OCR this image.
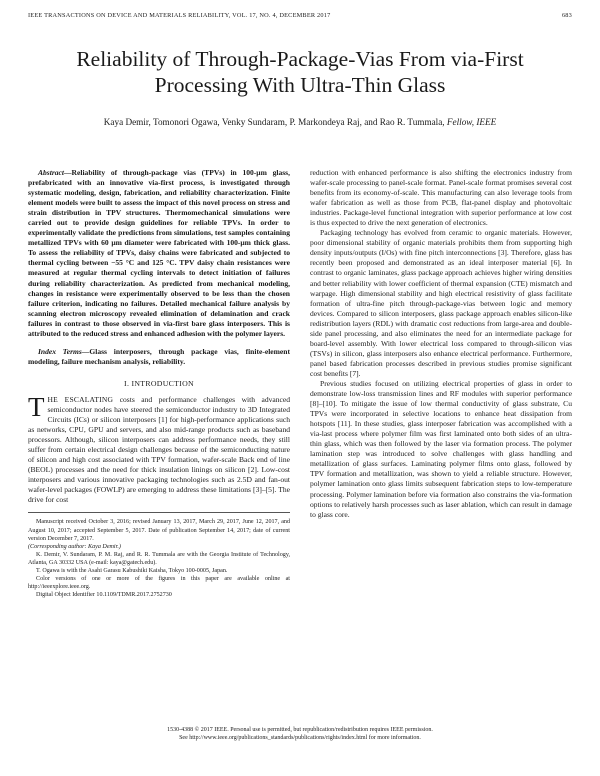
IEEE TRANSACTIONS ON DEVICE AND MATERIALS RELIABILITY, VOL. 17, NO. 4, DECEMBER 2017	683
Reliability of Through-Package-Vias From via-First Processing With Ultra-Thin Glass
Kaya Demir, Tomonori Ogawa, Venky Sundaram, P. Markondeya Raj, and Rao R. Tummala, Fellow, IEEE

Abstract—Reliability of through-package vias (TPVs) in 100-μm glass, prefabricated with an innovative via-first process, is investigated through systematic modeling, design, fabrication, and reliability characterization. Finite element models were built to assess the impact of this novel process on stress and strain distribution in TPV structures. Thermomechanical simulations were carried out to provide design guidelines for reliable TPVs. In order to experimentally validate the predictions from simulations, test samples containing metallized TPVs with 60 μm diameter were fabricated with 100-μm thick glass. To assess the reliability of TPVs, daisy chains were fabricated and subjected to thermal cycling between −55 °C and 125 °C. TPV daisy chain resistances were measured at regular thermal cycling intervals to detect initiation of failures during reliability characterization. As predicted from mechanical modeling, changes in resistance were experimentally observed to be less than the chosen failure criterion, indicating no failures. Detailed mechanical failure analysis by scanning electron microscopy revealed elimination of delamination and crack failures in contrast to those observed in via-first bare glass interposers. This is attributed to the reduced stress and enhanced adhesion with the polymer layers.

Index Terms—Glass interposers, through package vias, finite-element modeling, failure mechanism analysis, reliability.

I. INTRODUCTION

THE ESCALATING costs and performance challenges with advanced semiconductor nodes have steered the semiconductor industry to 3D Integrated Circuits (ICs) or silicon interposers [1] for high-performance applications such as networks, CPU, GPU and servers, and also mid-range products such as baseband processors. Although, silicon interposers can address performance needs, they still suffer from certain electrical design challenges because of the semiconducting nature of silicon and high cost associated with TPV formation, wafer-scale Back end of line (BEOL) processes and the need for thick insulation linings on silicon [2]. Low-cost interposers and various innovative packaging technologies such as 2.5D and fan-out wafer-level packages (FOWLP) are emerging to address these limitations [3]–[5]. The drive for cost

Manuscript received October 3, 2016; revised January 13, 2017, March 29, 2017, June 12, 2017, and August 10, 2017; accepted September 5, 2017. Date of publication September 14, 2017; date of current version December 7, 2017.
(Corresponding author: Kaya Demir.)

K. Demir, V. Sundaram, P. M. Raj, and R. R. Tummala are with the Georgia Institute of Technology, Atlanta, GA 30332 USA (e-mail: kaya@gatech.edu).

T. Ogawa is with the Asahi Garasu Kabushiki Kaisha, Tokyo 100-0005, Japan.

Color versions of one or more of the figures in this paper are available online at http://ieeexplore.ieee.org.

Digital Object Identifier 10.1109/TDMR.2017.2752730

reduction with enhanced performance is also shifting the electronics industry from wafer-scale processing to panel-scale format. Panel-scale format promises several cost benefits from its economy-of-scale. This manufacturing can also leverage tools from wafer fabrication as well as those from PCB, flat-panel display and photovoltaic industries. Package-level functional integration with superior performance at low cost is thus expected to drive the next generation of electronics.

Packaging technology has evolved from ceramic to organic materials. However, poor dimensional stability of organic materials prohibits them from supporting high density inputs/outputs (I/Os) with fine pitch interconnections [3]. Therefore, glass has recently been proposed and demonstrated as an ideal interposer material [6]. In contrast to organic laminates, glass package approach achieves higher wiring densities and better reliability with lower coefficient of thermal expansion (CTE) mismatch and warpage. High dimensional stability and high electrical resistivity of glass facilitate formation of ultra-fine pitch through-package-vias between logic and memory devices. Compared to silicon interposers, glass package approach enables silicon-like redistribution layers (RDL) with dramatic cost reductions from large-area and double-side panel processing, and also eliminates the need for an intermediate package for board-level assembly. With lower electrical loss compared to through-silicon vias (TSVs) in silicon, glass interposers also enhance electrical performance. Furthermore, panel based fabrication processes described in previous studies promise significant cost benefits [7].

Previous studies focused on utilizing electrical properties of glass in order to demonstrate low-loss transmission lines and RF modules with superior performance [8]–[10]. To mitigate the issue of low thermal conductivity of glass substrate, Cu TPVs were incorporated in selective locations to enhance heat dissipation from hotspots [11]. In these studies, glass interposer fabrication was accomplished with a via-last process where polymer film was first laminated onto both sides of an ultra-thin glass, which was then followed by the laser via formation process. The polymer lamination step was introduced to solve challenges with glass handling and metallization of glass surfaces. Laminating polymer films onto glass, followed by TPV formation and metallization, was shown to yield a reliable structure. However, polymer lamination onto glass limits subsequent fabrication steps to low-temperature processing. Polymer lamination before via formation also constrains the via-formation options to relatively harsh processes such as laser ablation, which can result in damage to glass core.

1530-4388 © 2017 IEEE. Personal use is permitted, but republication/redistribution requires IEEE permission.
See http://www.ieee.org/publications_standards/publications/rights/index.html for more information.
